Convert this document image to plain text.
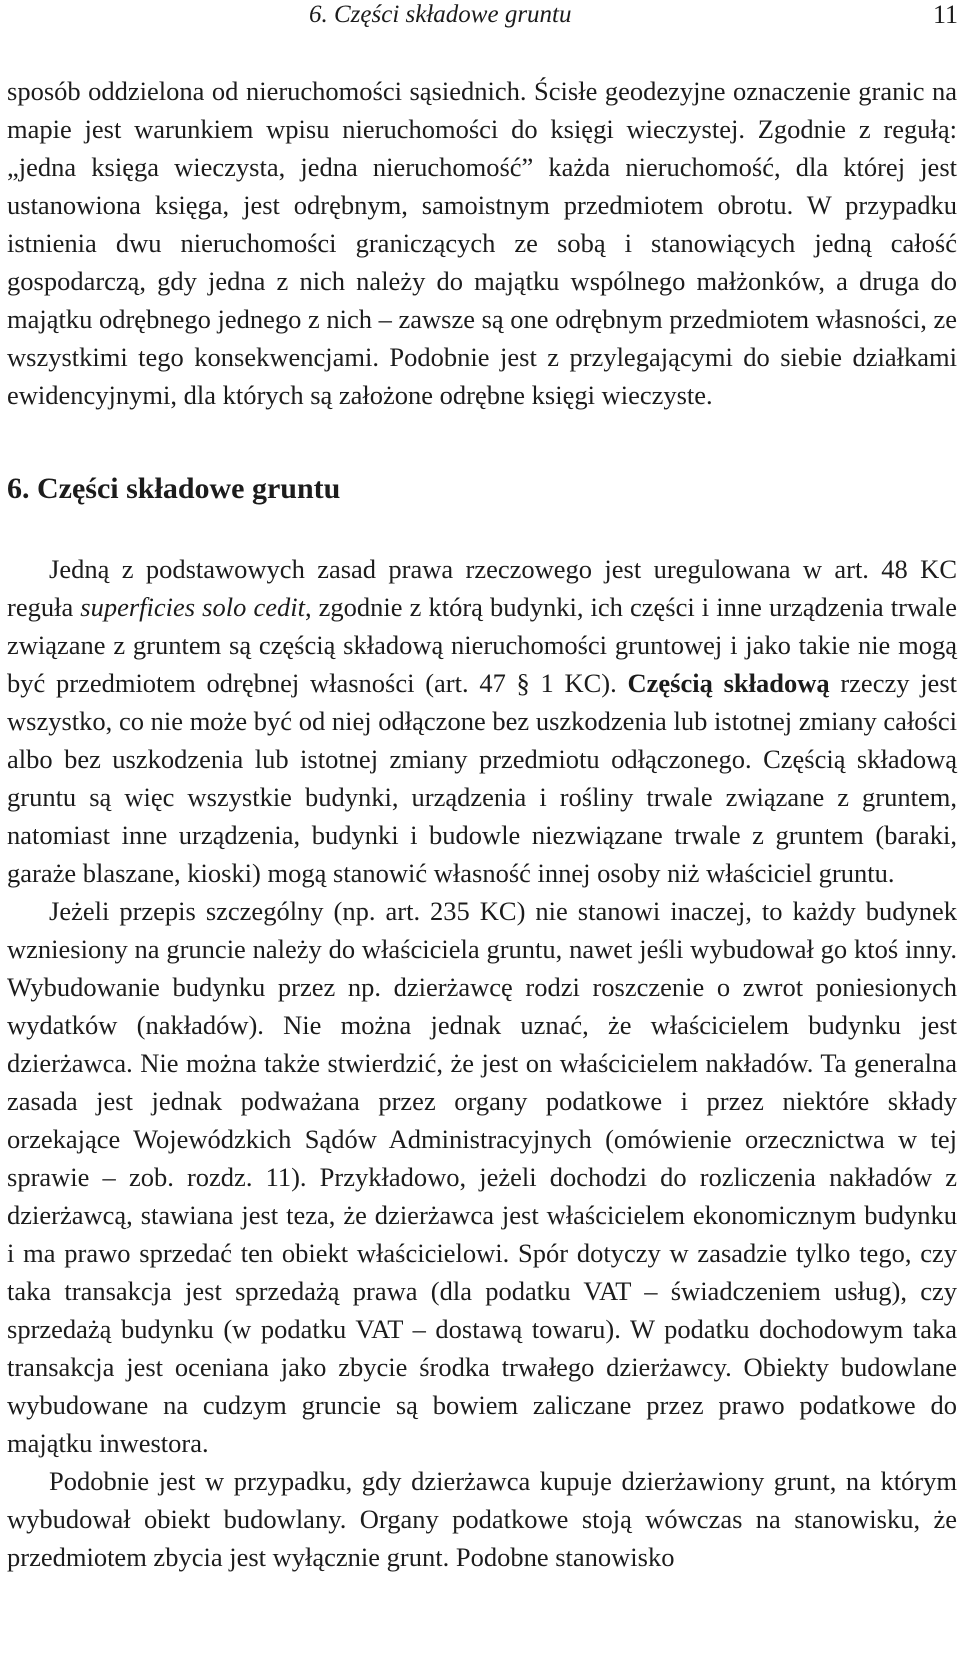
6. Części składowe gruntu	11

sposób oddzielona od nieruchomości sąsiednich. Ścisłe geodezyjne oznaczenie granic na mapie jest warunkiem wpisu nieruchomości do księgi wieczystej. Zgodnie z regułą: „jedna księga wieczysta, jedna nieruchomość” każda nieruchomość, dla której jest ustanowiona księga, jest odrębnym, samoistnym przedmiotem obrotu. W przypadku istnienia dwu nieruchomości graniczących ze sobą i stanowiących jedną całość gospodarczą, gdy jedna z nich należy do majątku wspólnego małżonków, a druga do majątku odrębnego jednego z nich – zawsze są one odrębnym przedmiotem własności, ze wszystkimi tego konsekwencjami. Podobnie jest z przylegającymi do siebie działkami ewidencyjnymi, dla których są założone odrębne księgi wieczyste.

6. Części składowe gruntu

Jedną z podstawowych zasad prawa rzeczowego jest uregulowana w art. 48 KC reguła superficies solo cedit, zgodnie z którą budynki, ich części i inne urządzenia trwale związane z gruntem są częścią składową nieruchomości gruntowej i jako takie nie mogą być przedmiotem odrębnej własności (art. 47 § 1 KC). Częścią składową rzeczy jest wszystko, co nie może być od niej odłączone bez uszkodzenia lub istotnej zmiany całości albo bez uszkodzenia lub istotnej zmiany przedmiotu odłączonego. Częścią składową gruntu są więc wszystkie budynki, urządzenia i rośliny trwale związane z gruntem, natomiast inne urządzenia, budynki i budowle niezwiązane trwale z gruntem (baraki, garaże blaszane, kioski) mogą stanowić własność innej osoby niż właściciel gruntu.

Jeżeli przepis szczególny (np. art. 235 KC) nie stanowi inaczej, to każdy budynek wzniesiony na gruncie należy do właściciela gruntu, nawet jeśli wybudował go ktoś inny. Wybudowanie budynku przez np. dzierżawcę rodzi roszczenie o zwrot poniesionych wydatków (nakładów). Nie można jednak uznać, że właścicielem budynku jest dzierżawca. Nie można także stwierdzić, że jest on właścicielem nakładów. Ta generalna zasada jest jednak podważana przez organy podatkowe i przez niektóre składy orzekające Wojewódzkich Sądów Administracyjnych (omówienie orzecznictwa w tej sprawie – zob. rozdz. 11). Przykładowo, jeżeli dochodzi do rozliczenia nakładów z dzierżawcą, stawiana jest teza, że dzierżawca jest właścicielem ekonomicznym budynku i ma prawo sprzedać ten obiekt właścicielowi. Spór dotyczy w zasadzie tylko tego, czy taka transakcja jest sprzedażą prawa (dla podatku VAT – świadczeniem usług), czy sprzedażą budynku (w podatku VAT – dostawą towaru). W podatku dochodowym taka transakcja jest oceniana jako zbycie środka trwałego dzierżawcy. Obiekty budowlane wybudowane na cudzym gruncie są bowiem zaliczane przez prawo podatkowe do majątku inwestora.

Podobnie jest w przypadku, gdy dzierżawca kupuje dzierżawiony grunt, na którym wybudował obiekt budowlany. Organy podatkowe stoją wówczas na stanowisku, że przedmiotem zbycia jest wyłącznie grunt. Podobne stanowisko
